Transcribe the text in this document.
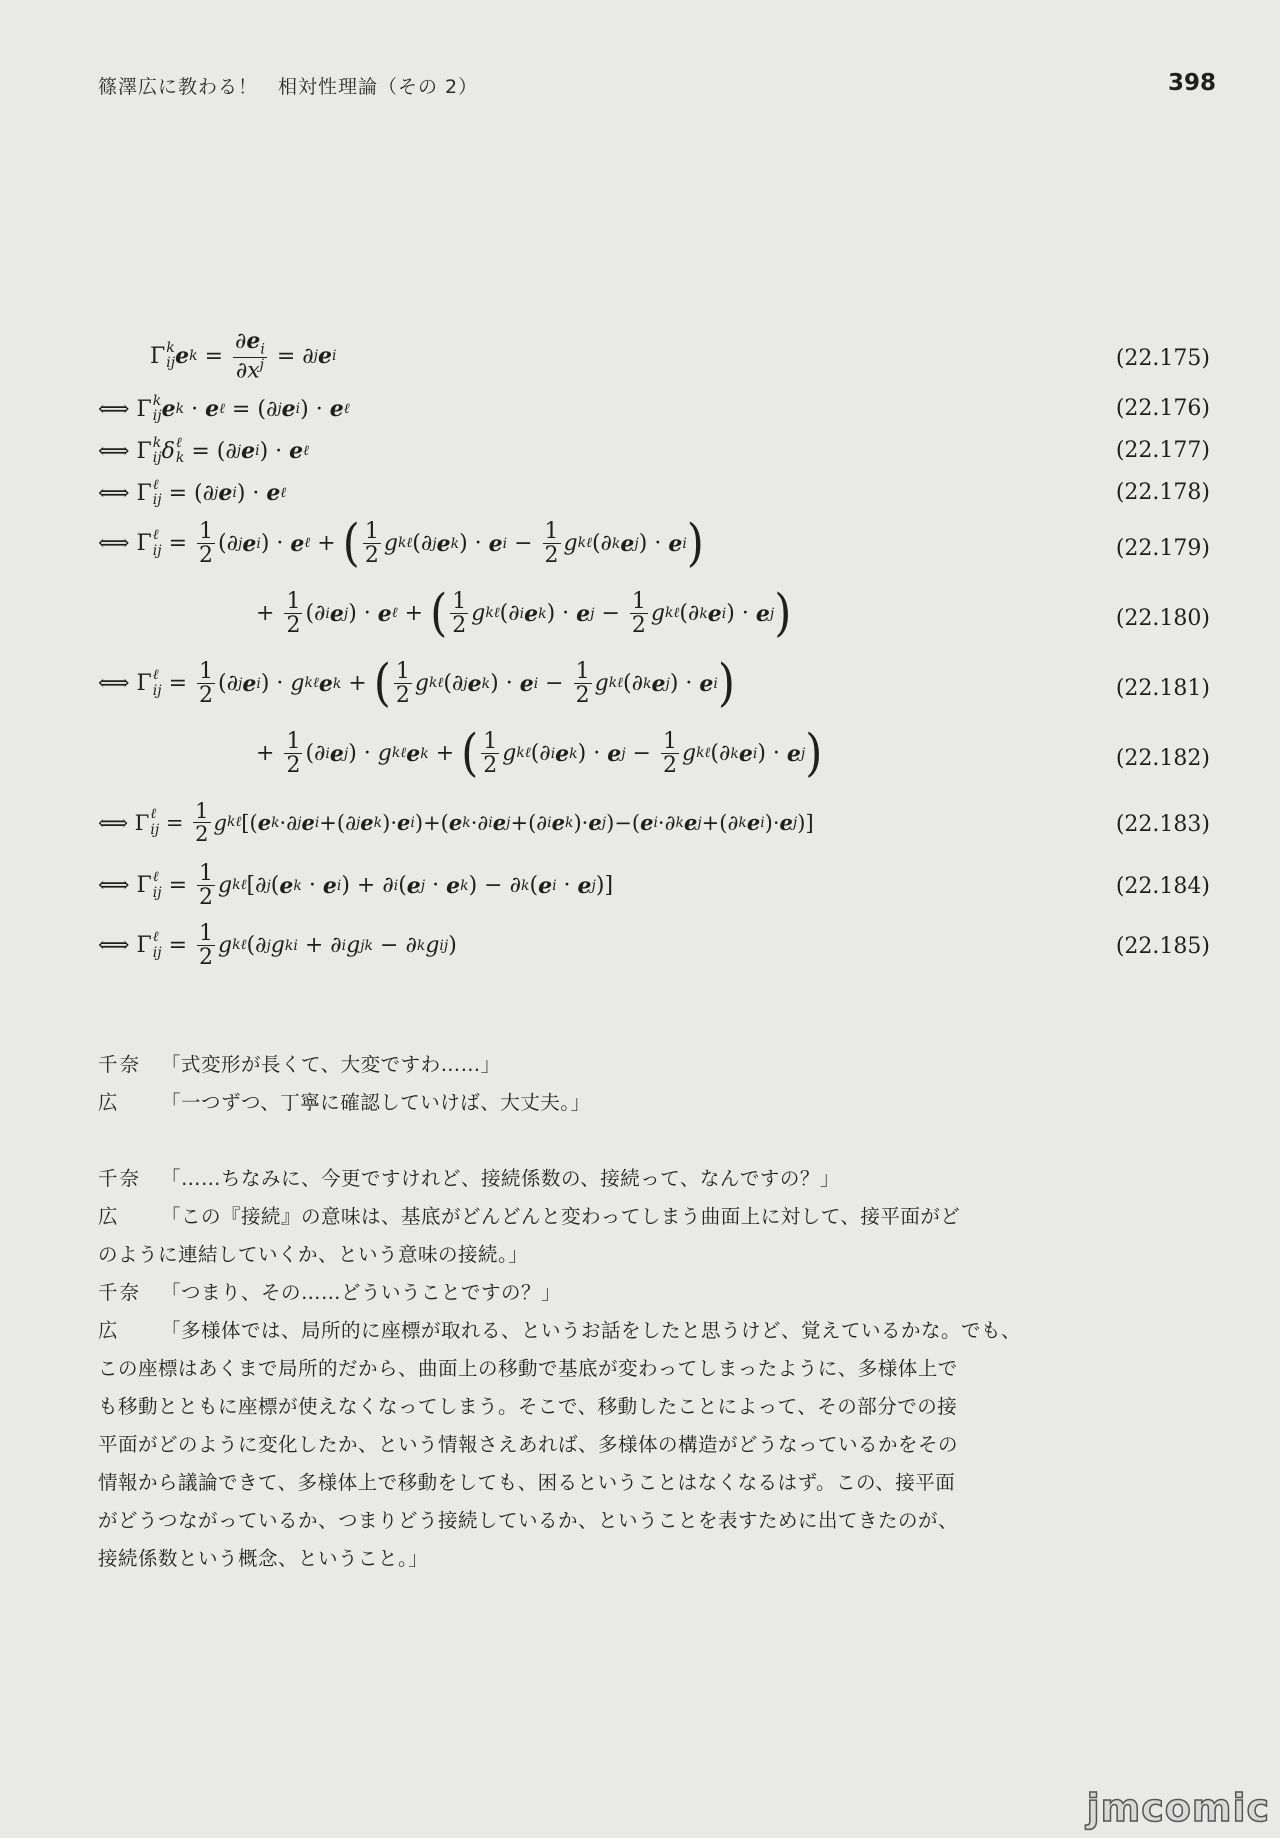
篠澤広に教わる！　相対性理論（その 2）	398
Γ k
ij e $k = \frac{\partial e_i}{\partial x^j}$ = ∂ j e i	(22.175)
⟺ Γ k
ij e k · e ℓ = (∂ j e i ) · e ℓ	(22.176)
⟺ Γ k
ij δ ℓ
k = (∂ j e i ) · e ℓ	(22.177)
⟺ Γ ℓ
ij = (∂ j e i ) · e ℓ	(22.178)
⟺ Γ ℓ
ij = $\frac{1}{2}$ (∂ j e i ) · e ℓ + ( $\frac{1}{2}$ g kℓ (∂ j e k ) · e $i - \frac{1}{2}$ g kℓ (∂ k e j ) · e i )	(22.179)
+ $\frac{1}{2}$ (∂ i e j ) · e ℓ + ( $\frac{1}{2}$ g kℓ (∂ i e k ) · e $j - \frac{1}{2}$ g kℓ (∂ k e i ) · e j )	(22.180)
⟺ Γ ℓ
ij = $\frac{1}{2}$ (∂ j e i ) · g kℓ e k + ( $\frac{1}{2}$ g kℓ (∂ j e k ) · e $i - \frac{1}{2}$ g kℓ (∂ k e j ) · e i )	(22.181)
+ $\frac{1}{2}$ (∂ i e j ) · g kℓ e k + ( $\frac{1}{2}$ g kℓ (∂ i e k ) · e $j - \frac{1}{2}$ g kℓ (∂ k e i ) · e j )	(22.182)
⟺ Γ ℓ
ij = $\frac{1}{2}$ g kℓ [( e k ·∂ j e i +(∂ j e k )· e i )+( e k ·∂ i e j +(∂ i e k )· e j )−( e i ·∂ k e j +(∂ k e i )· e j )]	(22.183)
⟺ Γ ℓ
ij = $\frac{1}{2}$ g kℓ [∂ j ( e k · e i ) + ∂ i ( e j · e k ) − ∂ k ( e i · e j )]	(22.184)
⟺ Γ ℓ
ij = $\frac{1}{2}$ g kℓ (∂ j g ki + ∂ i g jk − ∂ k g ij )	(22.185)
千奈 「式変形が長くて、大変ですわ……」
広 「一つずつ、丁寧に確認していけば、大丈夫。」
千奈 「……ちなみに、今更ですけれど、接続係数の、接続って、なんですの？」
広 「この『接続』の意味は、基底がどんどんと変わってしまう曲面上に対して、接平面がど
のように連結していくか、という意味の接続。」
千奈 「つまり、その……どういうことですの？」
広 「多様体では、局所的に座標が取れる、というお話をしたと思うけど、覚えているかな。でも、
この座標はあくまで局所的だから、曲面上の移動で基底が変わってしまったように、多様体上で
も移動とともに座標が使えなくなってしまう。そこで、移動したことによって、その部分での接
平面がどのように変化したか、という情報さえあれば、多様体の構造がどうなっているかをその
情報から議論できて、多様体上で移動をしても、困るということはなくなるはず。この、接平面
がどうつながっているか、つまりどう接続しているか、ということを表すために出てきたのが、
接続係数という概念、ということ。」
jmcomic
